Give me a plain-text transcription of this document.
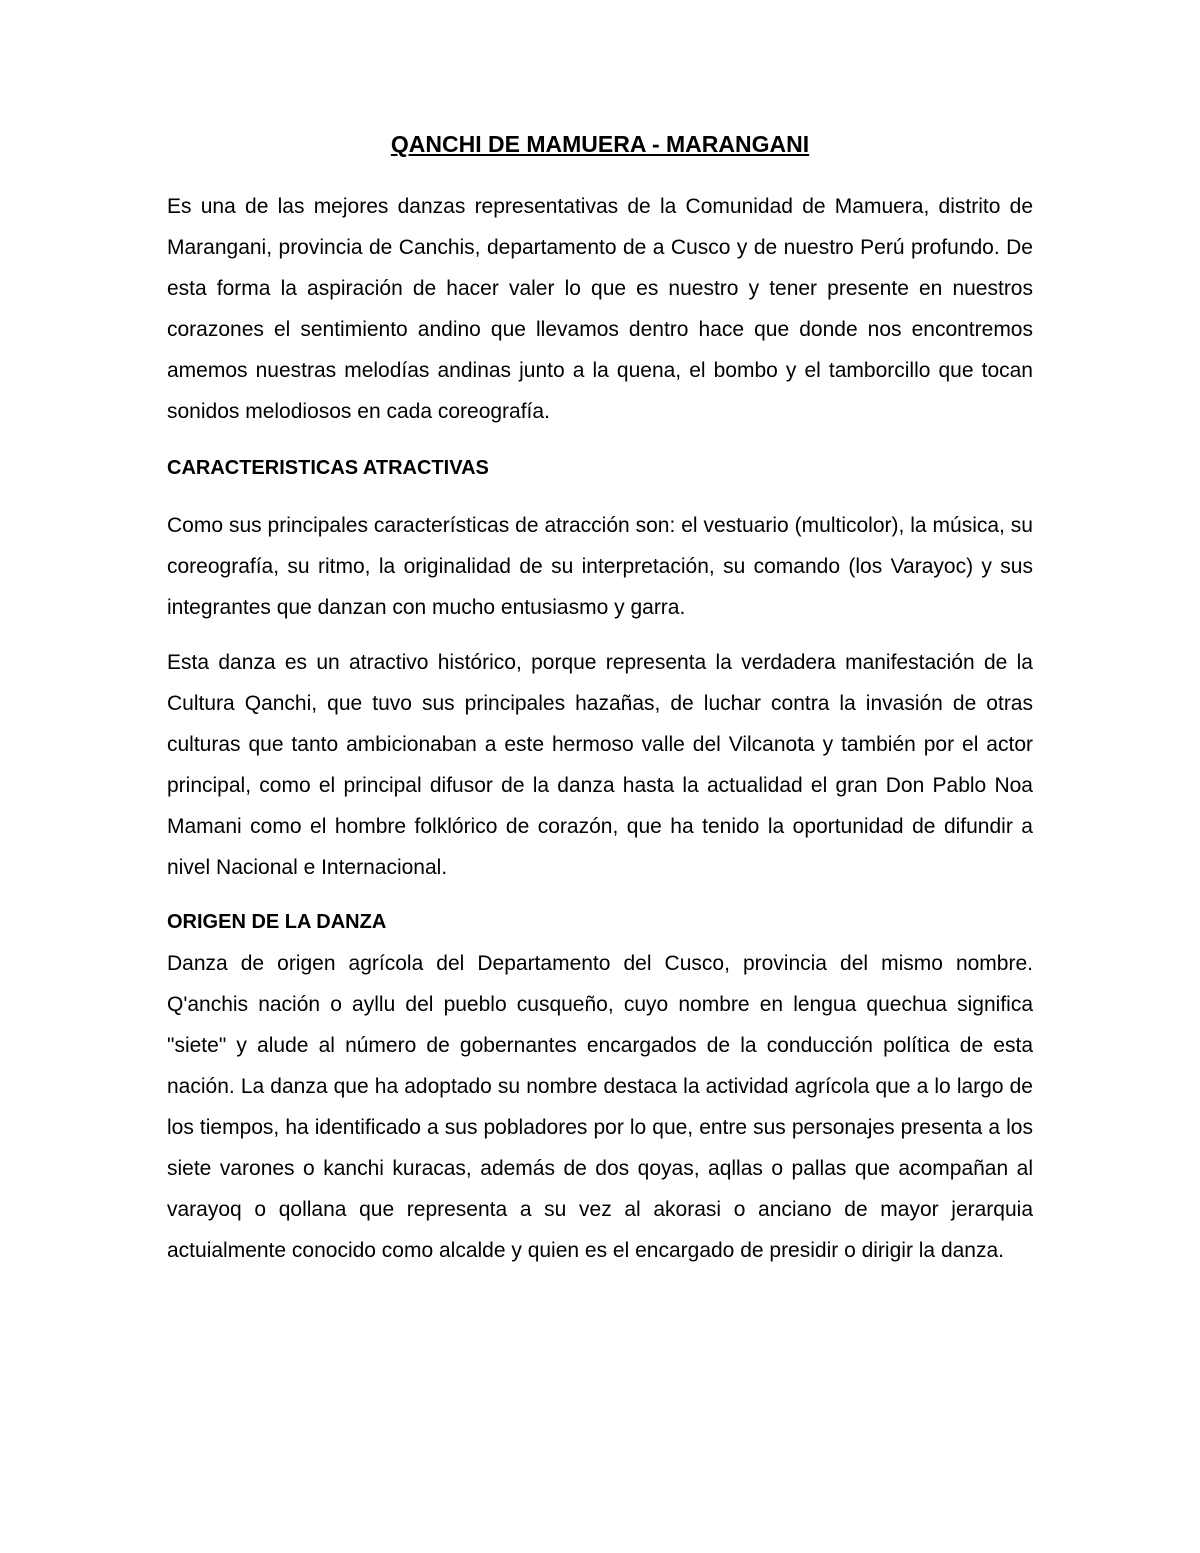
QANCHI DE MAMUERA - MARANGANI

Es una de las mejores danzas representativas de la Comunidad de Mamuera, distrito de Marangani, provincia de Canchis, departamento de a Cusco y de nuestro Perú profundo. De esta forma la aspiración de hacer valer lo que es nuestro y tener presente en nuestros corazones el sentimiento andino que llevamos dentro hace que donde nos encontremos amemos nuestras melodías andinas junto a la quena, el bombo y el tamborcillo que tocan sonidos melodiosos en cada coreografía.

CARACTERISTICAS ATRACTIVAS

Como sus principales características de atracción son: el vestuario (multicolor), la música, su coreografía, su ritmo, la originalidad de su interpretación, su comando (los Varayoc) y sus integrantes que danzan con mucho entusiasmo y garra.

Esta danza es un atractivo histórico, porque representa la verdadera manifestación de la Cultura Qanchi, que tuvo sus principales hazañas, de luchar contra la invasión de otras culturas que tanto ambicionaban a este hermoso valle del Vilcanota y también por el actor principal, como el principal difusor de la danza hasta la actualidad el gran Don Pablo Noa Mamani como el hombre folklórico de corazón, que ha tenido la oportunidad de difundir a nivel Nacional e Internacional.

ORIGEN DE LA DANZA

Danza de origen agrícola del Departamento del Cusco, provincia del mismo nombre. Q'anchis nación o ayllu del pueblo cusqueño, cuyo nombre en lengua quechua significa "siete" y alude al número de gobernantes encargados de la conducción política de esta nación. La danza que ha adoptado su nombre destaca la actividad agrícola que a lo largo de los tiempos, ha identificado a sus pobladores por lo que, entre sus personajes presenta a los siete varones o kanchi kuracas, además de dos qoyas, aqllas o pallas que acompañan al varayoq o qollana que representa a su vez al akorasi o anciano de mayor jerarquia actuialmente conocido como alcalde y quien es el encargado de presidir o dirigir la danza.
